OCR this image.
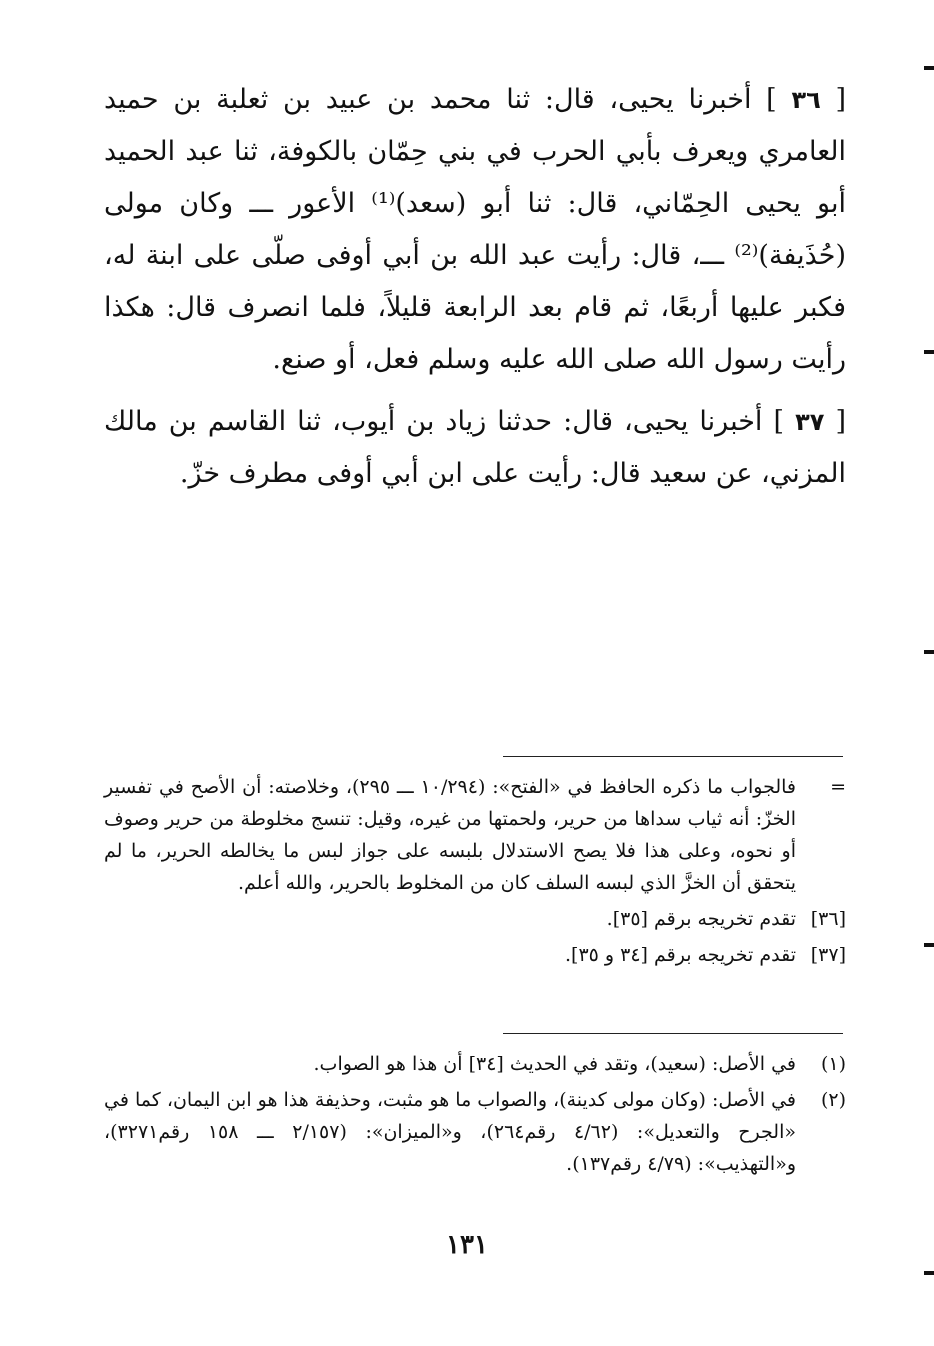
[ ٣٦ ] أخبرنا يحيى، قال: ثنا محمد بن عبيد بن ثعلبة بن حميد العامري ويعرف بأبي الحرب في بني حِمّان بالكوفة، ثنا عبد الحميد أبو يحيى الحِمّاني، قال: ثنا أبو (سعد)⁽¹⁾ الأعور ـــ وكان مولى (حُذَيفة)⁽²⁾ ـــ، قال: رأيت عبد الله بن أبي أوفى صلّى على ابنة له، فكبر عليها أربعًا، ثم قام بعد الرابعة قليلاً، فلما انصرف قال: هكذا رأيت رسول الله صلى الله عليه وسلم فعل، أو صنع.

[ ٣٧ ] أخبرنا يحيى، قال: حدثنا زياد بن أيوب، ثنا القاسم بن مالك المزني، عن سعيد قال: رأيت على ابن أبي أوفى مطرف خزّ.

=
فالجواب ما ذكره الحافظ في «الفتح»: (١٠/٢٩٤ ـــ ٢٩٥)، وخلاصته: أن الأصح في تفسير الخزّ: أنه ثياب سداها من حرير، ولحمتها من غيره، وقيل: تنسج مخلوطة من حرير وصوف أو نحوه، وعلى هذا فلا يصح الاستدلال بلبسه على جواز لبس ما يخالطه الحرير، ما لم يتحقق أن الخزَّ الذي لبسه السلف كان من المخلوط بالحرير، والله أعلم.
[٣٦]
تقدم تخريجه برقم [٣٥].
[٣٧]
تقدم تخريجه برقم [٣٤ و ٣٥].
(١)
في الأصل: (سعيد)، وتقد في الحديث [٣٤] أن هذا هو الصواب.
(٢)
في الأصل: (وكان مولى كدينة)، والصواب ما هو مثبت، وحذيفة هذا هو ابن اليمان، كما في «الجرح والتعديل»: (٤/٦٢ رقم٢٦٤)، و«الميزان»: (٢/١٥٧ ـــ ١٥٨ رقم٣٢٧١)، و«التهذيب»: (٤/٧٩ رقم١٣٧).
١٣١
